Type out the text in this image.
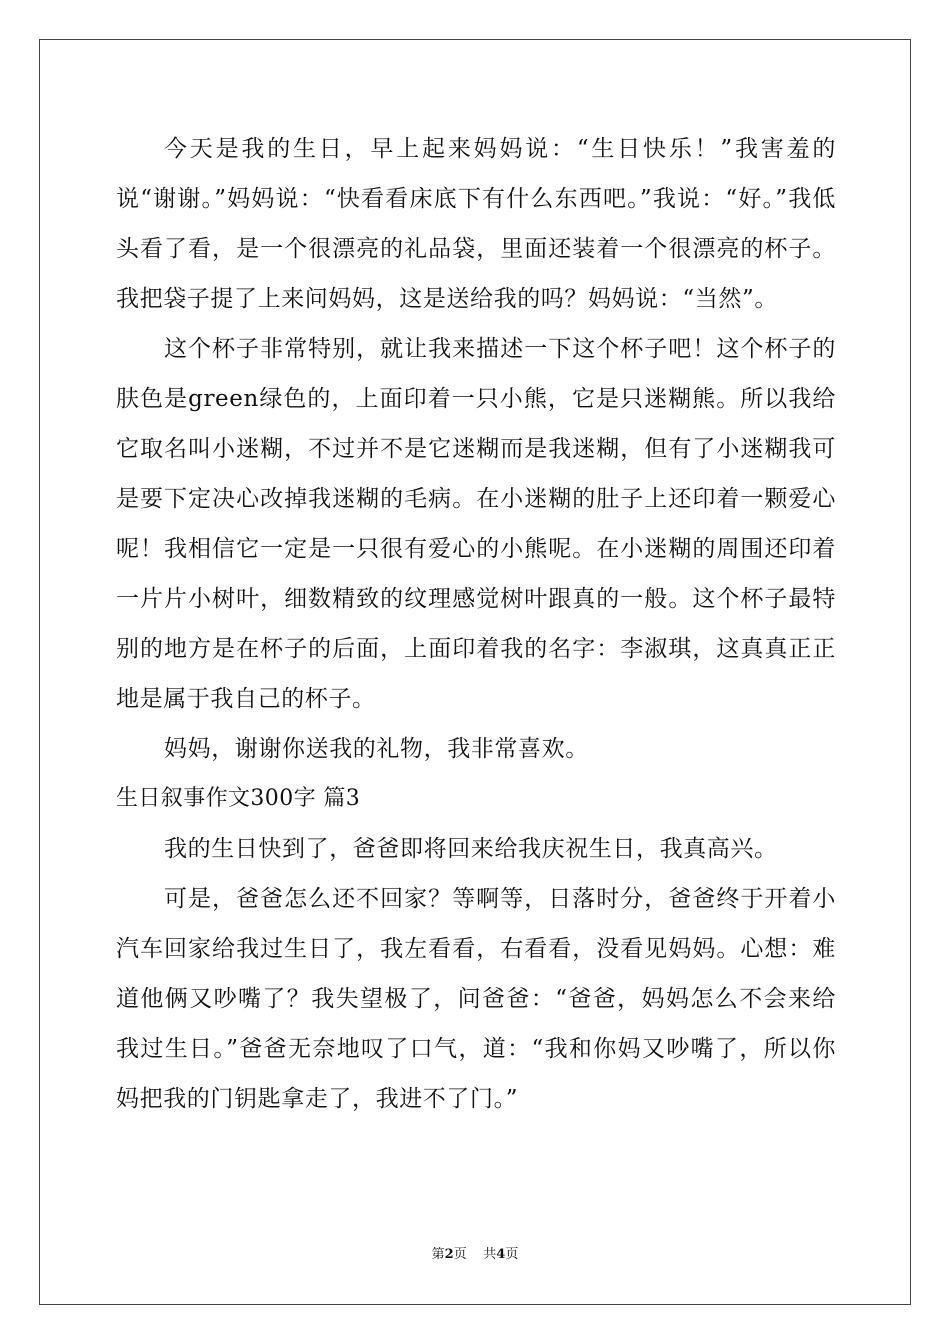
今天是我的生日，早上起来妈妈说：“生日快乐！”我害羞的说“谢谢。”妈妈说：“快看看床底下有什么东西吧。”我说：“好。”我低头看了看，是一个很漂亮的礼品袋，里面还装着一个很漂亮的杯子。我把袋子提了上来问妈妈，这是送给我的吗？妈妈说：“当然”。

这个杯子非常特别，就让我来描述一下这个杯子吧！这个杯子的肤色是green绿色的，上面印着一只小熊，它是只迷糊熊。所以我给它取名叫小迷糊，不过并不是它迷糊而是我迷糊，但有了小迷糊我可是要下定决心改掉我迷糊的毛病。在小迷糊的肚子上还印着一颗爱心呢！我相信它一定是一只很有爱心的小熊呢。在小迷糊的周围还印着一片片小树叶，细数精致的纹理感觉树叶跟真的一般。这个杯子最特别的地方是在杯子的后面，上面印着我的名字：李淑琪，这真真正正地是属于我自己的杯子。

妈妈，谢谢你送我的礼物，我非常喜欢。

生日叙事作文300字 篇3

我的生日快到了，爸爸即将回来给我庆祝生日，我真高兴。

可是，爸爸怎么还不回家？等啊等，日落时分，爸爸终于开着小汽车回家给我过生日了，我左看看，右看看，没看见妈妈。心想：难道他俩又吵嘴了？我失望极了，问爸爸：“爸爸，妈妈怎么不会来给我过生日。”爸爸无奈地叹了口气，道：“我和你妈又吵嘴了，所以你妈把我的门钥匙拿走了，我进不了门。”

第2页 共4页
